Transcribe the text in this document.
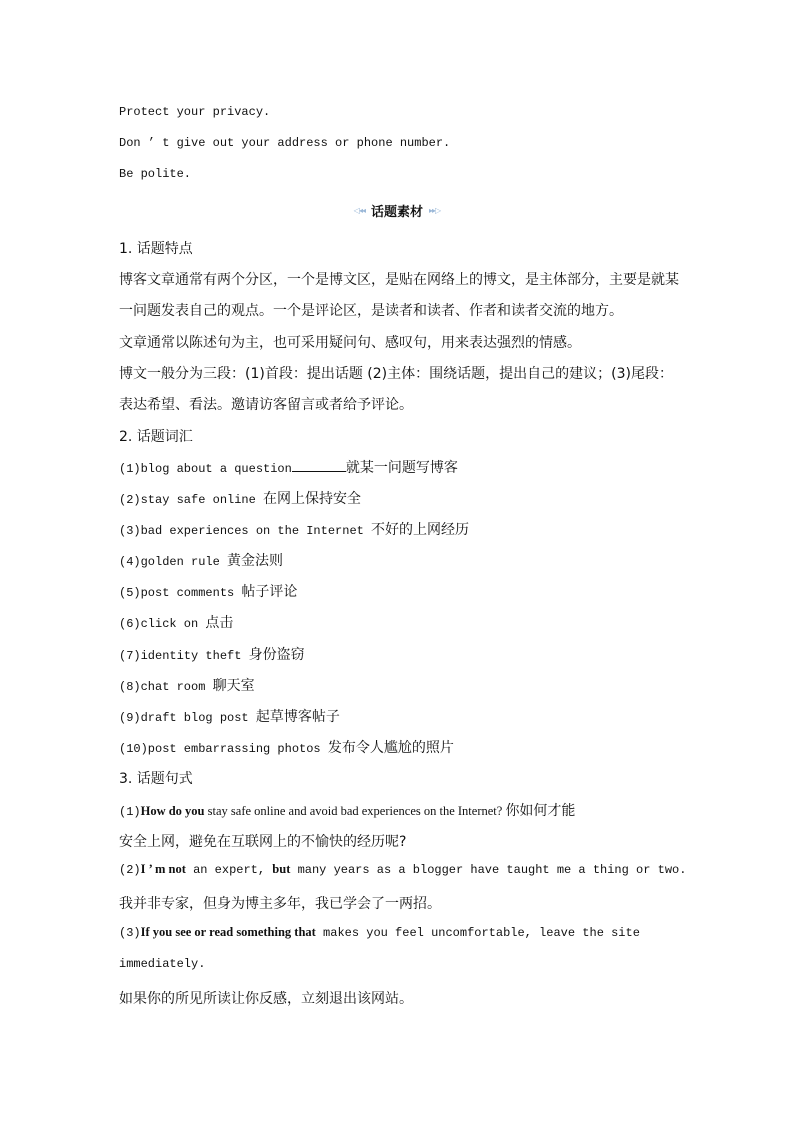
Protect your privacy.
Don ’ t give out your address or phone number.
Be polite.
◁◂◂ 话题素材 ▸▸▷
1. 话题特点
博客文章通常有两个分区，一个是博文区，是贴在网络上的博文，是主体部分，主要是就某
一问题发表自己的观点。一个是评论区，是读者和读者、作者和读者交流的地方。
文章通常以陈述句为主，也可采用疑问句、感叹句，用来表达强烈的情感。
博文一般分为三段：(1)首段：提出话题 (2)主体：围绕话题，提出自己的建议；(3)尾段：
表达希望、看法。邀请访客留言或者给予评论。
2. 话题词汇
(1)blog about a question	就某一问题写博客
(2)stay safe online 在网上保持安全
(3)bad experiences on the Internet 不好的上网经历
(4)golden rule 黄金法则
(5)post comments 帖子评论
(6)click on 点击
(7)identity theft 身份盗窃
(8)chat room 聊天室
(9)draft blog post 起草博客帖子
(10)post embarrassing photos 发布令人尴尬的照片
3. 话题句式
(1)How do you stay safe online and avoid bad experiences on the Internet? 你如何才能
安全上网，避免在互联网上的不愉快的经历呢?
(2)I ’ m not an expert, but many years as a blogger have taught me a thing or two.
我并非专家，但身为博主多年，我已学会了一两招。
(3)If you see or read something that makes you feel uncomfortable, leave the site
immediately.
如果你的所见所读让你反感，立刻退出该网站。
